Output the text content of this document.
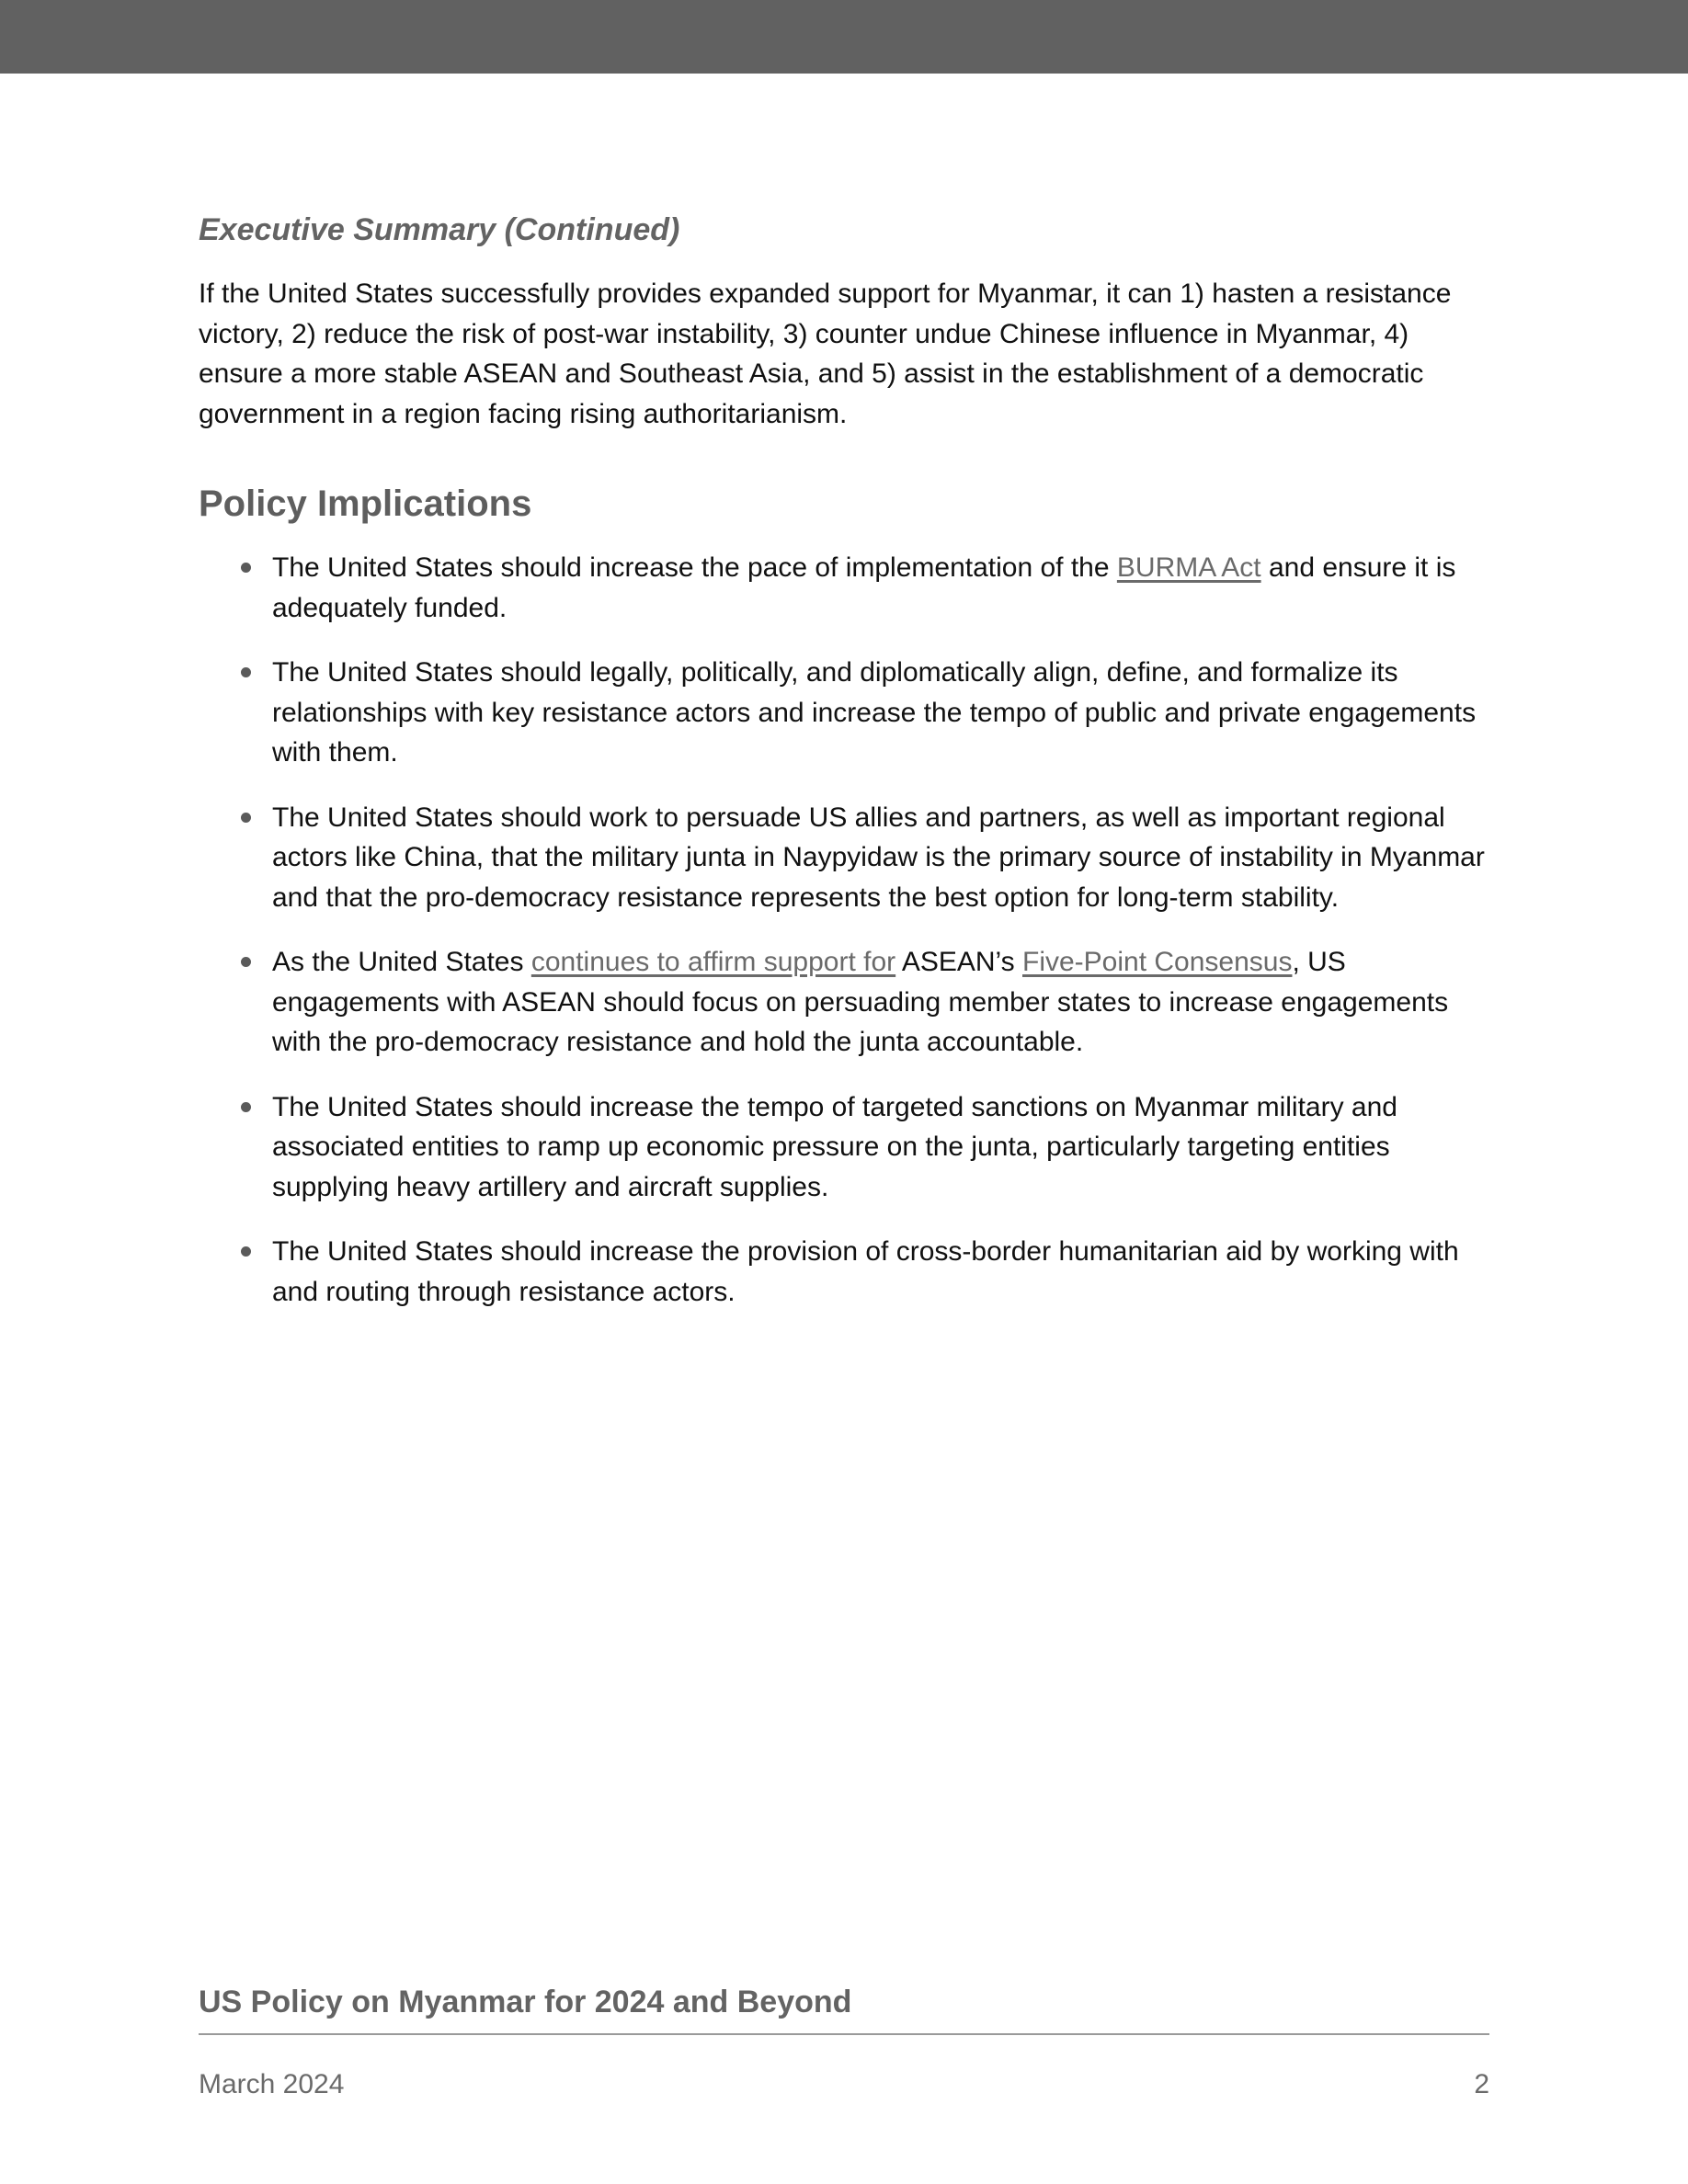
Executive Summary (Continued)

If the United States successfully provides expanded support for Myanmar, it can 1) hasten a resistance victory, 2) reduce the risk of post-war instability, 3) counter undue Chinese influence in Myanmar, 4) ensure a more stable ASEAN and Southeast Asia, and 5) assist in the establishment of a democratic government in a region facing rising authoritarianism.

Policy Implications
The United States should increase the pace of implementation of the BURMA Act and ensure it is adequately funded.
The United States should legally, politically, and diplomatically align, define, and formalize its relationships with key resistance actors and increase the tempo of public and private engagements with them.
The United States should work to persuade US allies and partners, as well as important regional actors like China, that the military junta in Naypyidaw is the primary source of instability in Myanmar and that the pro-democracy resistance represents the best option for long-term stability.
As the United States continues to affirm support for ASEAN’s Five-Point Consensus, US engagements with ASEAN should focus on persuading member states to increase engagements with the pro-democracy resistance and hold the junta accountable.
The United States should increase the tempo of targeted sanctions on Myanmar military and associated entities to ramp up economic pressure on the junta, particularly targeting entities supplying heavy artillery and aircraft supplies.
The United States should increase the provision of cross-border humanitarian aid by working with and routing through resistance actors.
US Policy on Myanmar for 2024 and Beyond
March 2024	2
